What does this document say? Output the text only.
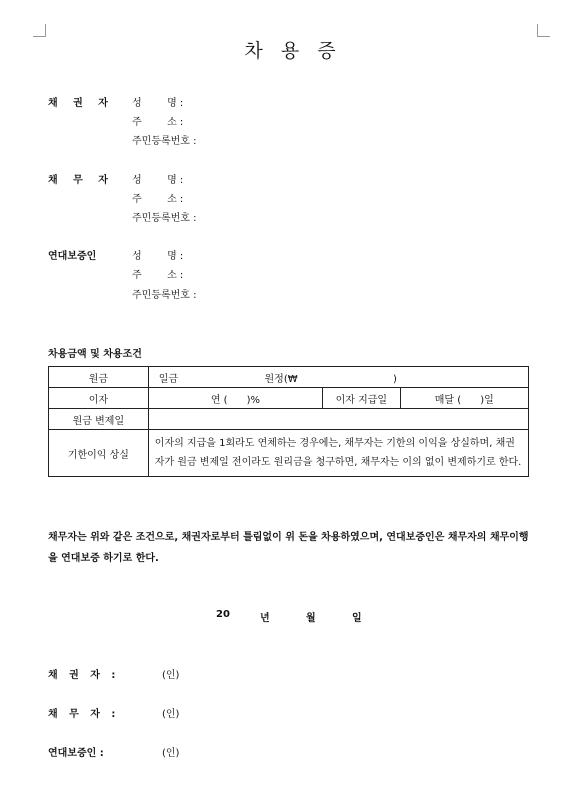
차 용 증
채 권 자 성        명 :
주        소 :
주민등록번호 :
채 무 자 성        명 :
주        소 :
주민등록번호 :
연대보증인	성        명 :
주        소 :
주민등록번호 :
차용금액 및 차용조건
원금	일금	원정(₩                              )		
이자	연 (      )%		이자 지급일	매달 (      )일
원금 변제일				
기한이익 상실	이자의 지급을 1회라도 연체하는 경우에는, 채무자는 기한의 이익을 상실하며, 채권자가 원금 변제일 전이라도 원리금을 청구하면, 채무자는 이의 없이 변제하기로 한다.			
채무자는 위와 같은 조건으로, 채권자로부터 틀림없이 위 돈을 차용하였으며, 연대보증인은 채무자의 채무이행을 연대보증 하기로 한다.
20	년	월	일
채 권 자 :	(인)
채 무 자 :	(인)
연대보증인 :	(인)
